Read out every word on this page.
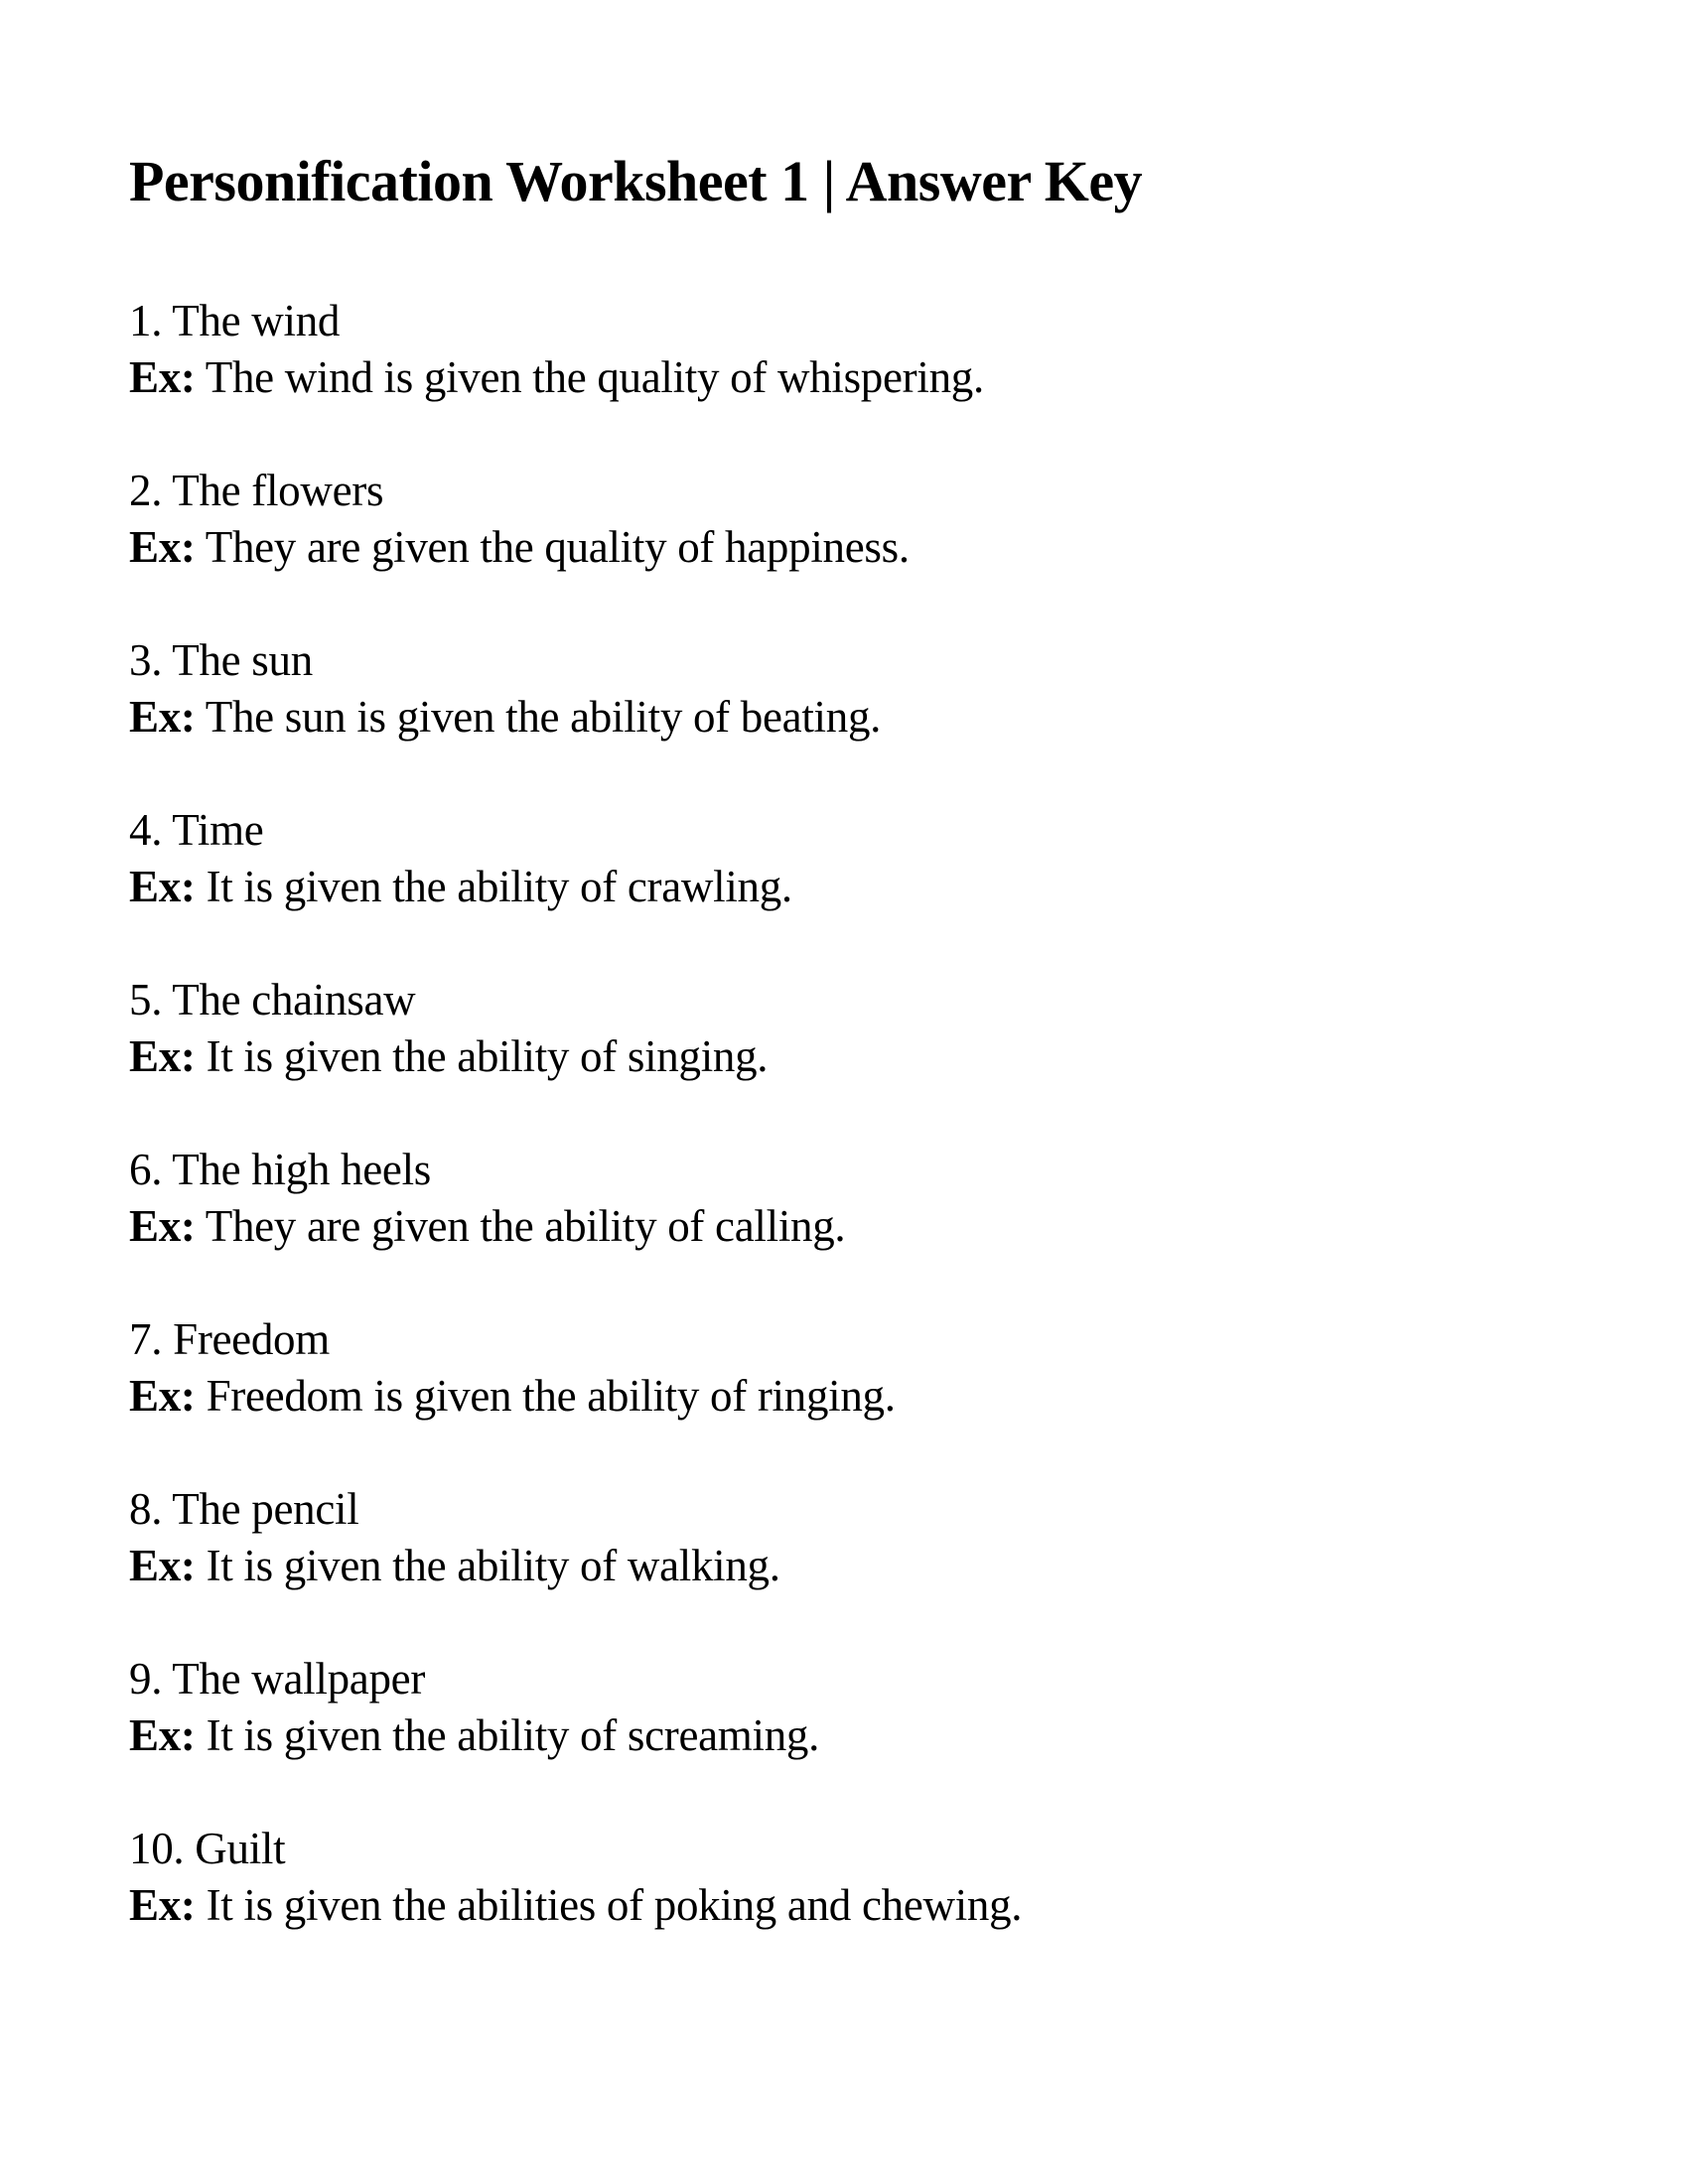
Personification Worksheet 1 | Answer Key

1. The wind

Ex: The wind is given the quality of whispering.

2. The flowers

Ex: They are given the quality of happiness.

3. The sun

Ex: The sun is given the ability of beating.

4. Time

Ex: It is given the ability of crawling.

5. The chainsaw

Ex: It is given the ability of singing.

6. The high heels

Ex: They are given the ability of calling.

7. Freedom

Ex: Freedom is given the ability of ringing.

8. The pencil

Ex: It is given the ability of walking.

9. The wallpaper

Ex: It is given the ability of screaming.

10. Guilt

Ex: It is given the abilities of poking and chewing.
